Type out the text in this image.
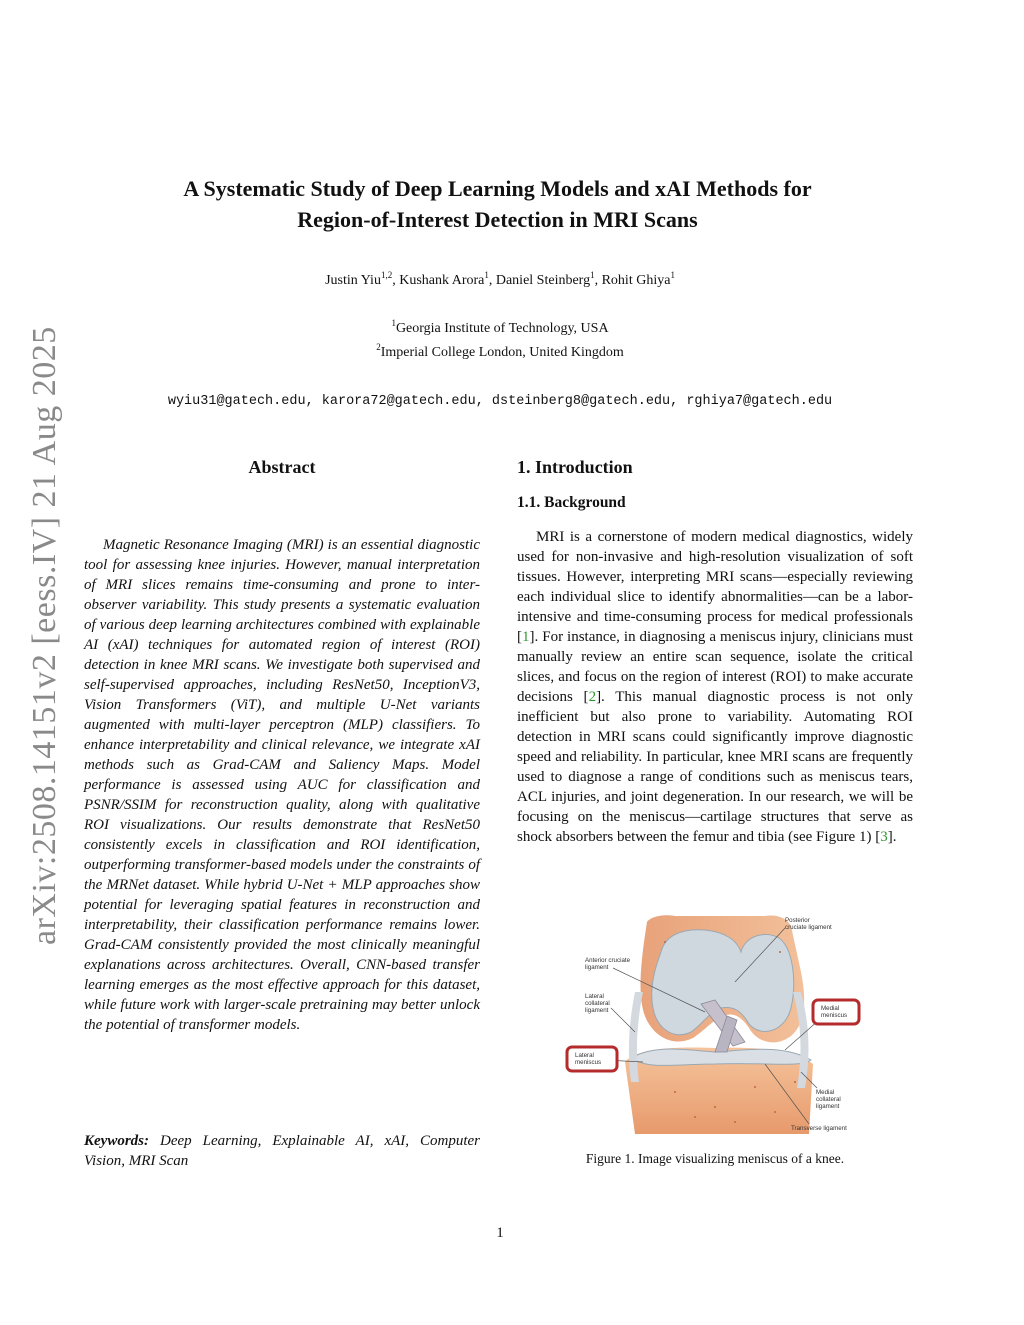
arXiv:2508.14151v2 [eess.IV] 21 Aug 2025
A Systematic Study of Deep Learning Models and xAI Methods for
Region-of-Interest Detection in MRI Scans
Justin Yiu$^{1,2}$, Kushank Arora$^1$, Daniel Steinberg$^1$, Rohit Ghiya$^1$
$^1$Georgia Institute of Technology, USA
$^2$Imperial College London, United Kingdom
wyiu31@gatech.edu, karora72@gatech.edu, dsteinberg8@gatech.edu, rghiya7@gatech.edu
Abstract
Magnetic Resonance Imaging (MRI) is an essential diagnostic tool for assessing knee injuries. However, manual interpretation of MRI slices remains time-consuming and prone to inter-observer variability. This study presents a systematic evaluation of various deep learning architectures combined with explainable AI (xAI) techniques for automated region of interest (ROI) detection in knee MRI scans. We investigate both supervised and self-supervised approaches, including ResNet50, InceptionV3, Vision Transformers (ViT), and multiple U-Net variants augmented with multi-layer perceptron (MLP) classifiers. To enhance interpretability and clinical relevance, we integrate xAI methods such as Grad-CAM and Saliency Maps. Model performance is assessed using AUC for classification and PSNR/SSIM for reconstruction quality, along with qualitative ROI visualizations. Our results demonstrate that ResNet50 consistently excels in classification and ROI identification, outperforming transformer-based models under the constraints of the MRNet dataset. While hybrid U-Net + MLP approaches show potential for leveraging spatial features in reconstruction and interpretability, their classification performance remains lower. Grad-CAM consistently provided the most clinically meaningful explanations across architectures. Overall, CNN-based transfer learning emerges as the most effective approach for this dataset, while future work with larger-scale pretraining may better unlock the potential of transformer models.
Keywords: Deep Learning, Explainable AI, xAI, Computer Vision, MRI Scan
1. Introduction
1.1. Background
MRI is a cornerstone of modern medical diagnostics, widely used for non-invasive and high-resolution visualization of soft tissues. However, interpreting MRI scans—especially reviewing each individual slice to identify abnormalities—can be a labor-intensive and time-consuming process for medical professionals [1]. For instance, in diagnosing a meniscus injury, clinicians must manually review an entire scan sequence, isolate the critical slices, and focus on the region of interest (ROI) to make accurate decisions [2]. This manual diagnostic process is not only inefficient but also prone to variability. Automating ROI detection in MRI scans could significantly improve diagnostic speed and reliability. In particular, knee MRI scans are frequently used to diagnose a range of conditions such as meniscus tears, ACL injuries, and joint degeneration. In our research, we will be focusing on the meniscus—cartilage structures that serve as shock absorbers between the femur and tibia (see Figure 1) [3].
Posterior cruciate ligament
Anterior cruciate ligament
Lateral collateral ligament
Medial collateral ligament
Transverse ligament
Medial meniscus
Lateral meniscus
Figure 1. Image visualizing meniscus of a knee.
1
